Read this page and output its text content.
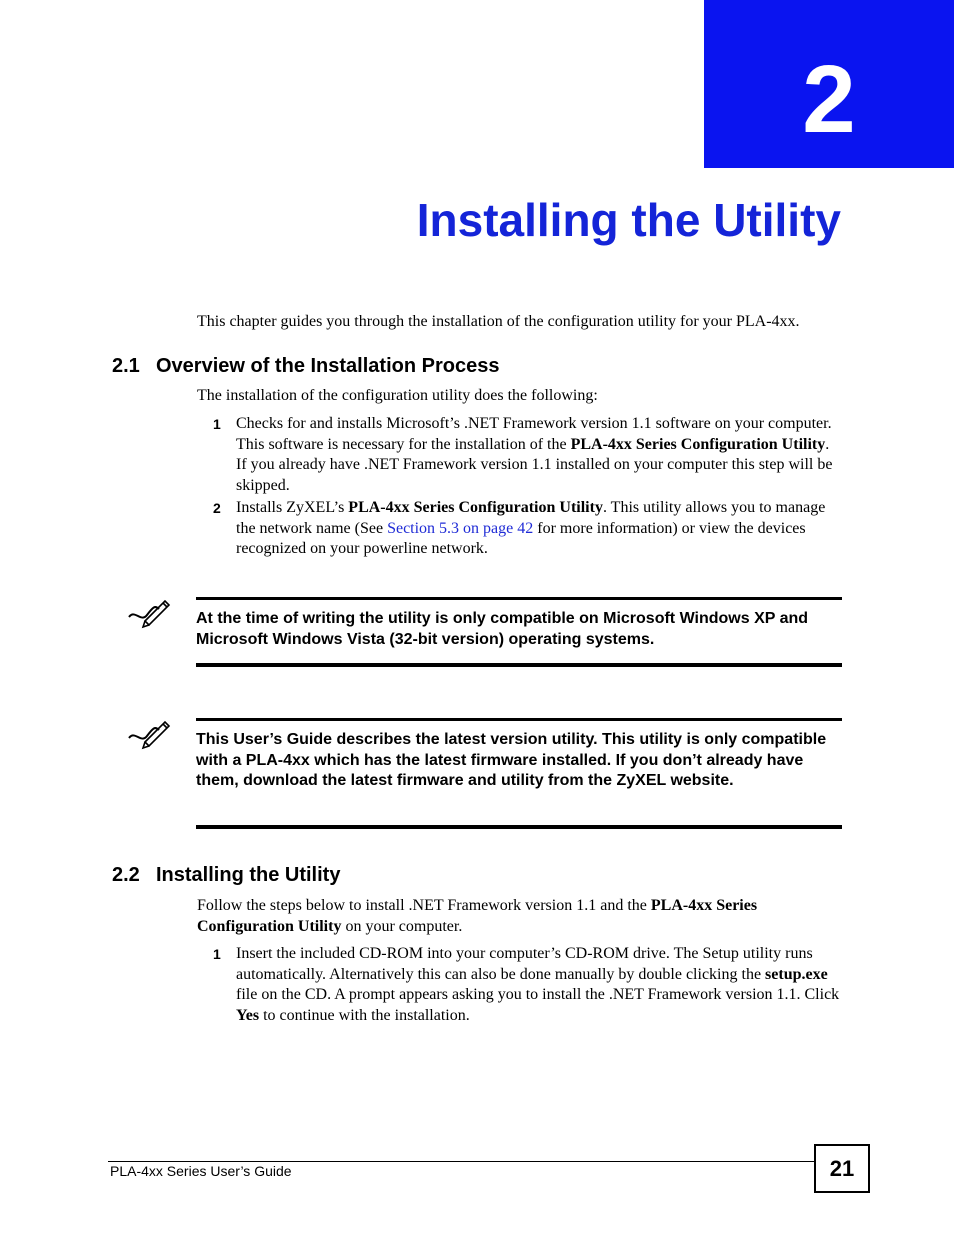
2
Installing the Utility
This chapter guides you through the installation of the configuration utility for your PLA-4xx.
2.1 Overview of the Installation Process
The installation of the configuration utility does the following:
1 Checks for and installs Microsoft’s .NET Framework version 1.1 software on your computer. This software is necessary for the installation of the PLA-4xx Series Configuration Utility. If you already have .NET Framework version 1.1 installed on your computer this step will be skipped.
2 Installs ZyXEL’s PLA-4xx Series Configuration Utility. This utility allows you to manage the network name (See Section 5.3 on page 42 for more information) or view the devices recognized on your powerline network.
At the time of writing the utility is only compatible on Microsoft Windows XP and Microsoft Windows Vista (32-bit version) operating systems.
This User’s Guide describes the latest version utility. This utility is only compatible with a PLA-4xx which has the latest firmware installed. If you don’t already have them, download the latest firmware and utility from the ZyXEL website.
2.2 Installing the Utility
Follow the steps below to install .NET Framework version 1.1 and the PLA-4xx Series Configuration Utility on your computer.
1 Insert the included CD-ROM into your computer’s CD-ROM drive. The Setup utility runs automatically. Alternatively this can also be done manually by double clicking the setup.exe file on the CD. A prompt appears asking you to install the .NET Framework version 1.1. Click Yes to continue with the installation.
PLA-4xx Series User’s Guide	21
